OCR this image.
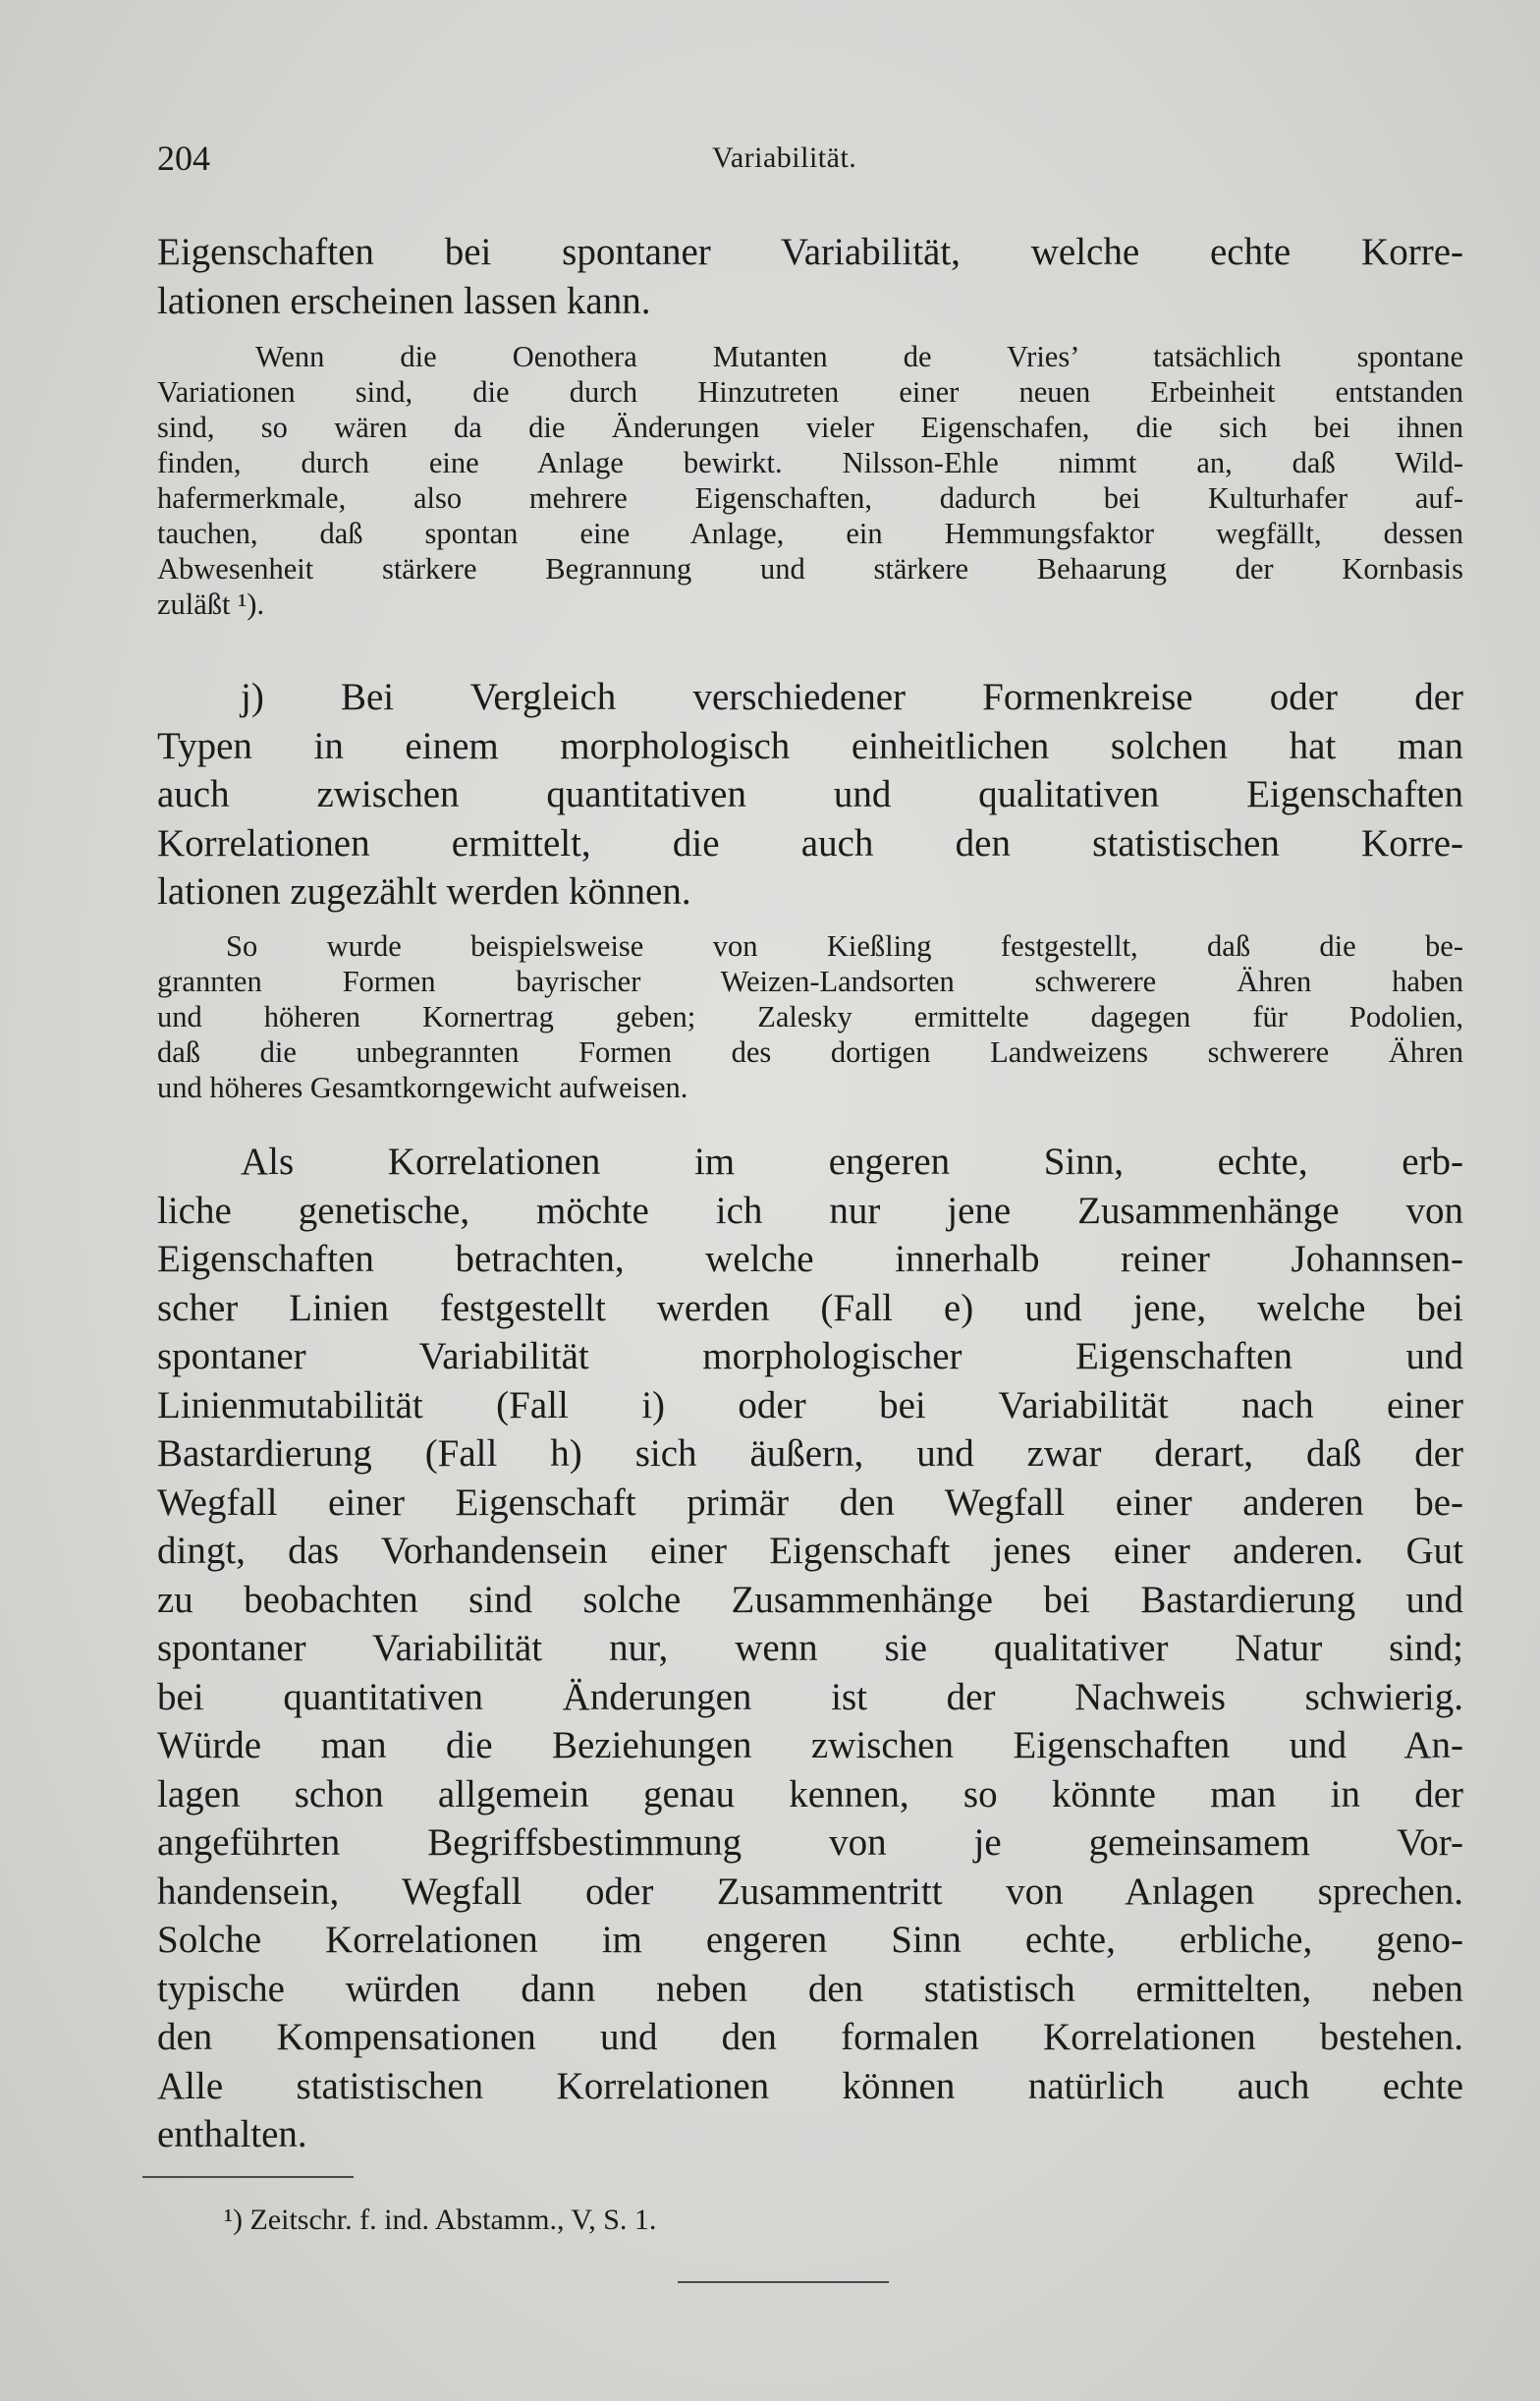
204	Variabilität.
Eigenschaften bei spontaner Variabilität, welche echte Korre-
lationen erscheinen lassen kann.
Wenn die Oenothera Mutanten de Vries’ tatsächlich spontane
Variationen sind, die durch Hinzutreten einer neuen Erbeinheit entstanden
sind, so wären da die Änderungen vieler Eigenschafen, die sich bei ihnen
finden, durch eine Anlage bewirkt. Nilsson-Ehle nimmt an, daß Wild-
hafermerkmale, also mehrere Eigenschaften, dadurch bei Kulturhafer auf-
tauchen, daß spontan eine Anlage, ein Hemmungsfaktor wegfällt, dessen
Abwesenheit stärkere Begrannung und stärkere Behaarung der Kornbasis
zuläßt ¹).
j) Bei Vergleich verschiedener Formenkreise oder der
Typen in einem morphologisch einheitlichen solchen hat man
auch zwischen quantitativen und qualitativen Eigenschaften
Korrelationen ermittelt, die auch den statistischen Korre-
lationen zugezählt werden können.
So wurde beispielsweise von Kießling festgestellt, daß die be-
grannten Formen bayrischer Weizen-Landsorten schwerere Ähren haben
und höheren Kornertrag geben; Zalesky ermittelte dagegen für Podolien,
daß die unbegrannten Formen des dortigen Landweizens schwerere Ähren
und höheres Gesamtkorngewicht aufweisen.
Als Korrelationen im engeren Sinn, echte, erb-
liche genetische, möchte ich nur jene Zusammenhänge von
Eigenschaften betrachten, welche innerhalb reiner Johannsen-
scher Linien festgestellt werden (Fall e) und jene, welche bei
spontaner Variabilität morphologischer Eigenschaften und
Linienmutabilität (Fall i) oder bei Variabilität nach einer
Bastardierung (Fall h) sich äußern, und zwar derart, daß der
Wegfall einer Eigenschaft primär den Wegfall einer anderen be-
dingt, das Vorhandensein einer Eigenschaft jenes einer anderen. Gut
zu beobachten sind solche Zusammenhänge bei Bastardierung und
spontaner Variabilität nur, wenn sie qualitativer Natur sind;
bei quantitativen Änderungen ist der Nachweis schwierig.
Würde man die Beziehungen zwischen Eigenschaften und An-
lagen schon allgemein genau kennen, so könnte man in der
angeführten Begriffsbestimmung von je gemeinsamem Vor-
handensein, Wegfall oder Zusammentritt von Anlagen sprechen.
Solche Korrelationen im engeren Sinn echte, erbliche, geno-
typische würden dann neben den statistisch ermittelten, neben
den Kompensationen und den formalen Korrelationen bestehen.
Alle statistischen Korrelationen können natürlich auch echte
enthalten.
¹) Zeitschr. f. ind. Abstamm., V, S. 1.
